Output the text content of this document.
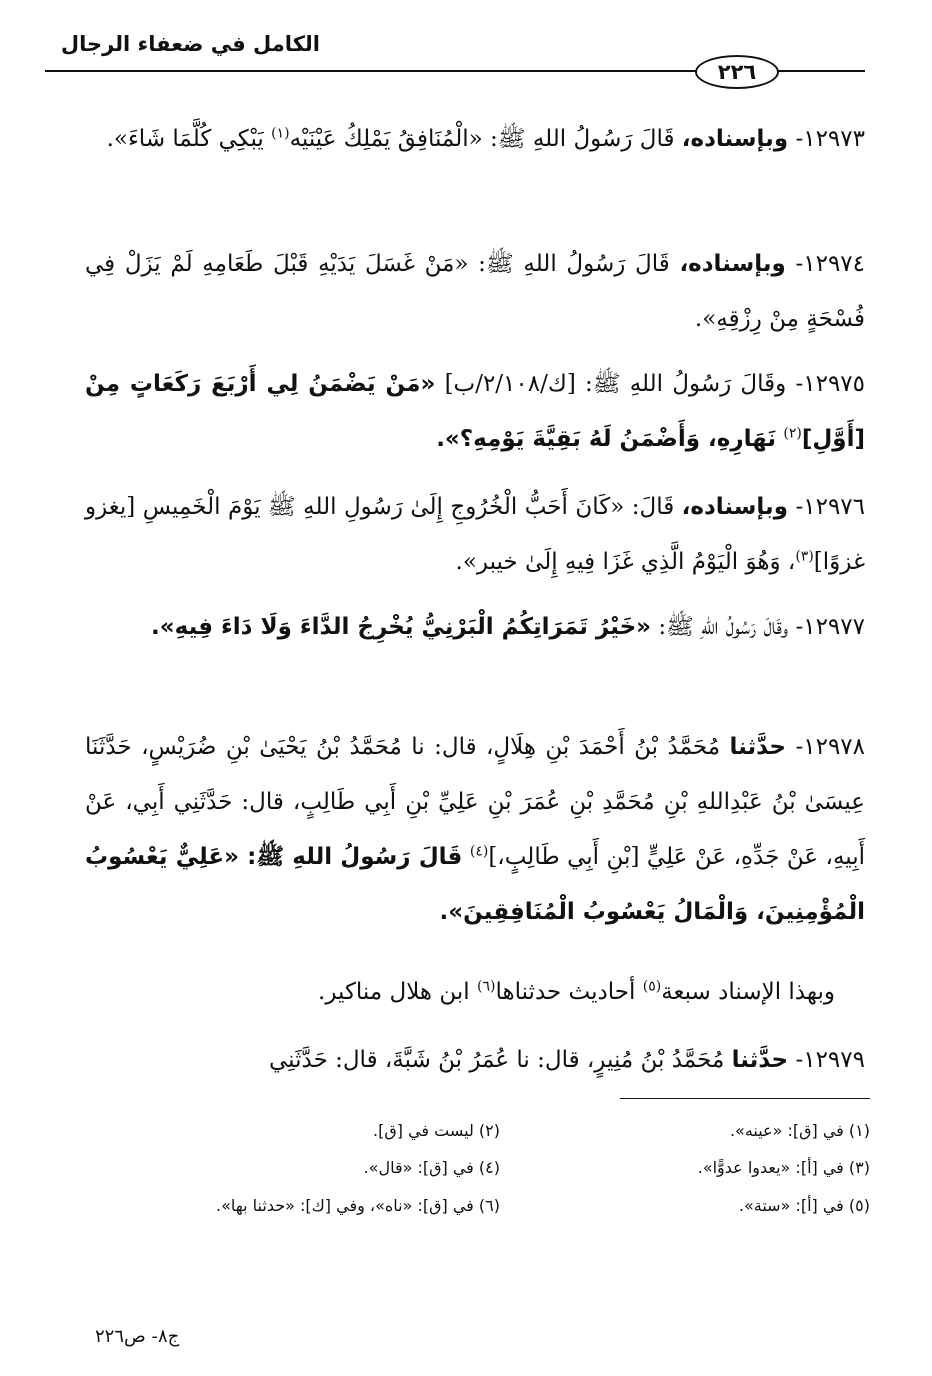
الكامل في ضعفاء الرجال
٢٢٦
١٢٩٧٣- وبإسناده، قَالَ رَسُولُ اللهِ ﷺ: «الْمُنَافِقُ يَمْلِكُ عَيْنَيْه$^{(١)}$ يَبْكِي كُلَّمَا شَاءَ».
١٢٩٧٤- وبإسناده، قَالَ رَسُولُ اللهِ ﷺ: «مَنْ غَسَلَ يَدَيْهِ قَبْلَ طَعَامِهِ لَمْ يَزَلْ فِي فُسْحَةٍ مِنْ رِزْقِهِ».
١٢٩٧٥- وقَالَ رَسُولُ اللهِ ﷺ: [ك/٢/١٠٨/ب] «مَنْ يَضْمَنُ لِي أَرْبَعَ رَكَعَاتٍ مِنْ [أَوَّلِ]$^{(٢)}$ نَهَارِهِ، وَأَضْمَنُ لَهُ بَقِيَّةَ يَوْمِهِ؟».
١٢٩٧٦- وبإسناده، قَالَ: «كَانَ أَحَبُّ الْخُرُوجِ إِلَىٰ رَسُولِ اللهِ ﷺ يَوْمَ الْخَمِيسِ [يغزو غزوًا]$^{(٣)}$، وَهُوَ الْيَوْمُ الَّذِي غَزَا فِيهِ إِلَىٰ خيبر».
١٢٩٧٧- وقَالَ رَسُولُ اللهِ ﷺ: «خَيْرُ تَمَرَاتِكُمُ الْبَرْنِيُّ يُخْرِجُ الدَّاءَ وَلَا دَاءَ فِيهِ».
١٢٩٧٨- حدَّثنا مُحَمَّدُ بْنُ أَحْمَدَ بْنِ هِلَالٍ، قال: نا مُحَمَّدُ بْنُ يَحْيَىٰ بْنِ ضُرَيْسٍ، حَدَّثَنَا عِيسَىٰ بْنُ عَبْدِاللهِ بْنِ مُحَمَّدِ بْنِ عُمَرَ بْنِ عَلِيِّ بْنِ أَبِي طَالِبٍ، قال: حَدَّثَنِي أَبِي، عَنْ أَبِيهِ، عَنْ جَدِّهِ، عَنْ عَلِيٍّ [بْنِ أَبِي طَالِبٍ،]$^{(٤)}$ قَالَ رَسُولُ اللهِ ﷺ: «عَلِيٌّ يَعْسُوبُ الْمُؤْمِنِينَ، وَالْمَالُ يَعْسُوبُ الْمُنَافِقِينَ».
وبهذا الإسناد سبعة$^{(٥)}$ أحاديث حدثناها$^{(٦)}$ ابن هلال مناكير.
١٢٩٧٩- حدَّثنا مُحَمَّدُ بْنُ مُنِيرٍ، قال: نا عُمَرُ بْنُ شَبَّةَ، قال: حَدَّثَنِي
(١) في [ق]: «عينه».
(٢) ليست في [ق].
(٣) في [أ]: «يعدوا عدوًّا».
(٤) في [ق]: «قال».
(٥) في [أ]: «ستة».
(٦) في [ق]: «ناه»، وفي [ك]: «حدثنا بها».
ج٨- ص٢٢٦
